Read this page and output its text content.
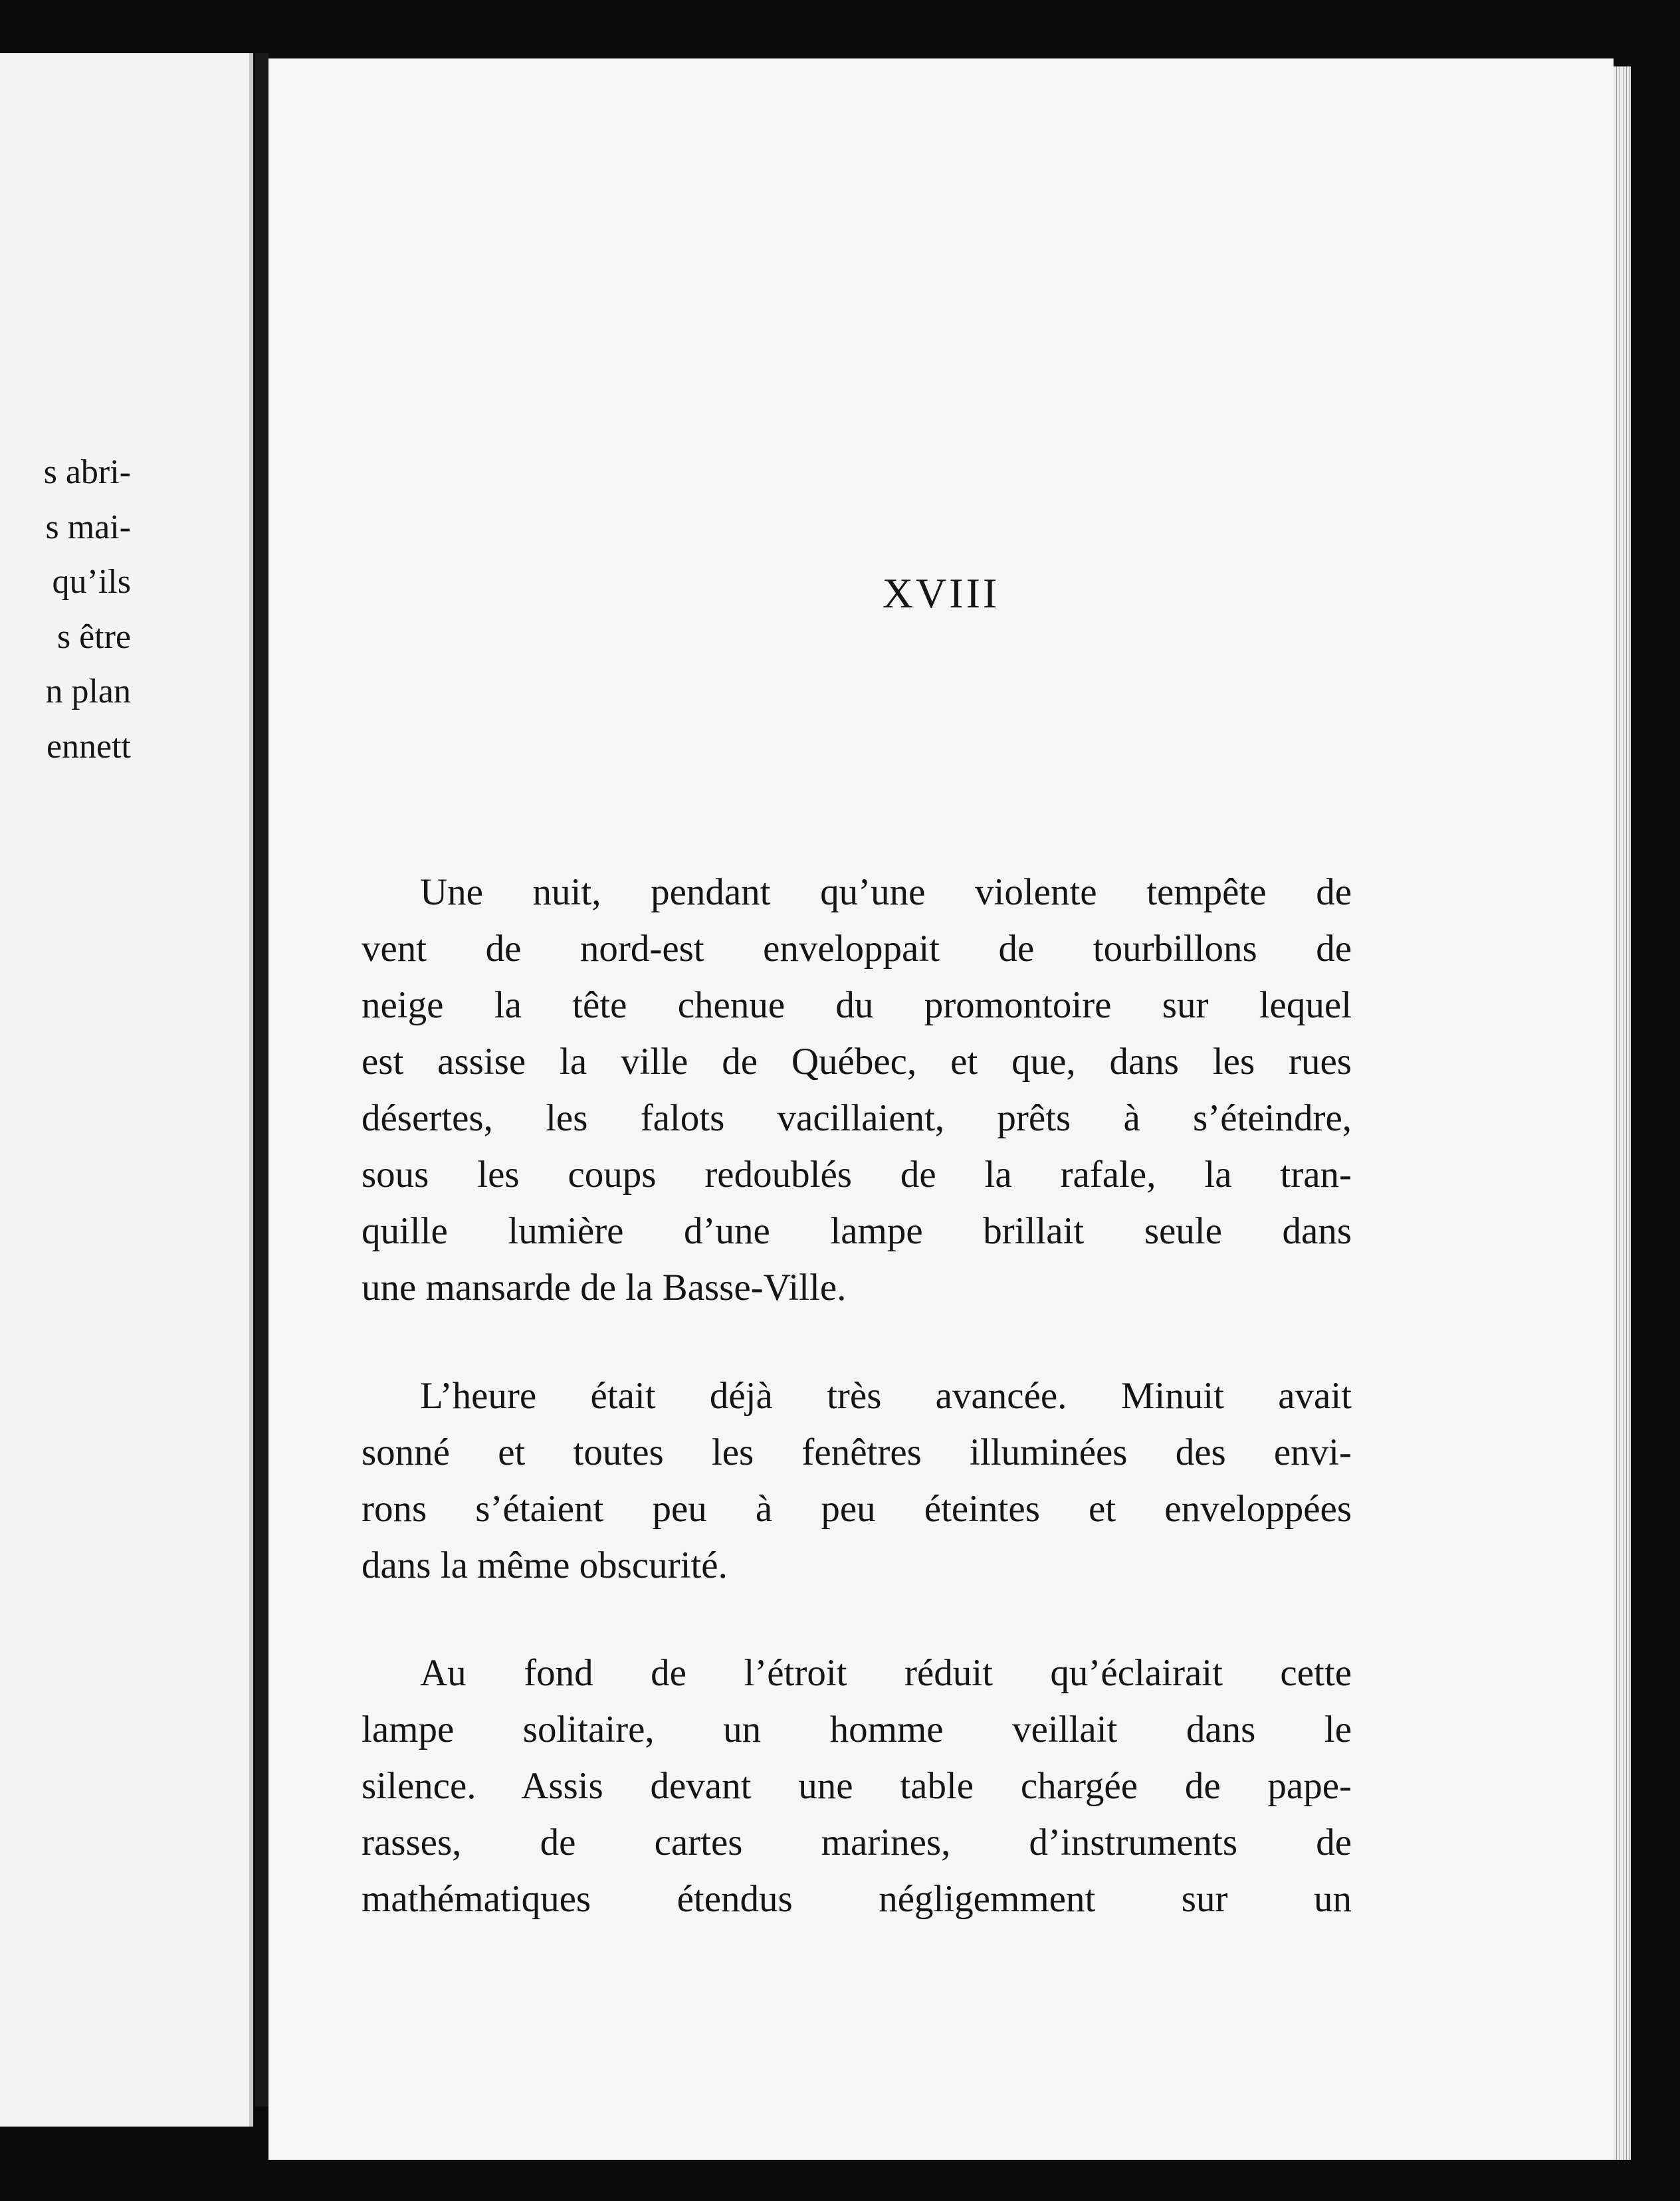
s abri-
s mai-
qu’ils
s être
n plan
ennett
XVIII
Une nuit, pendant qu’une violente tempête de
vent de nord-est enveloppait de tourbillons de
neige la tête chenue du promontoire sur lequel
est assise la ville de Québec, et que, dans les rues
désertes, les falots vacillaient, prêts à s’éteindre,
sous les coups redoublés de la rafale, la tran-
quille lumière d’une lampe brillait seule dans
une mansarde de la Basse-Ville.
L’heure était déjà très avancée. Minuit avait
sonné et toutes les fenêtres illuminées des envi-
rons s’étaient peu à peu éteintes et enveloppées
dans la même obscurité.
Au fond de l’étroit réduit qu’éclairait cette
lampe solitaire, un homme veillait dans le
silence. Assis devant une table chargée de pape-
rasses, de cartes marines, d’instruments de
mathématiques étendus négligemment sur un
